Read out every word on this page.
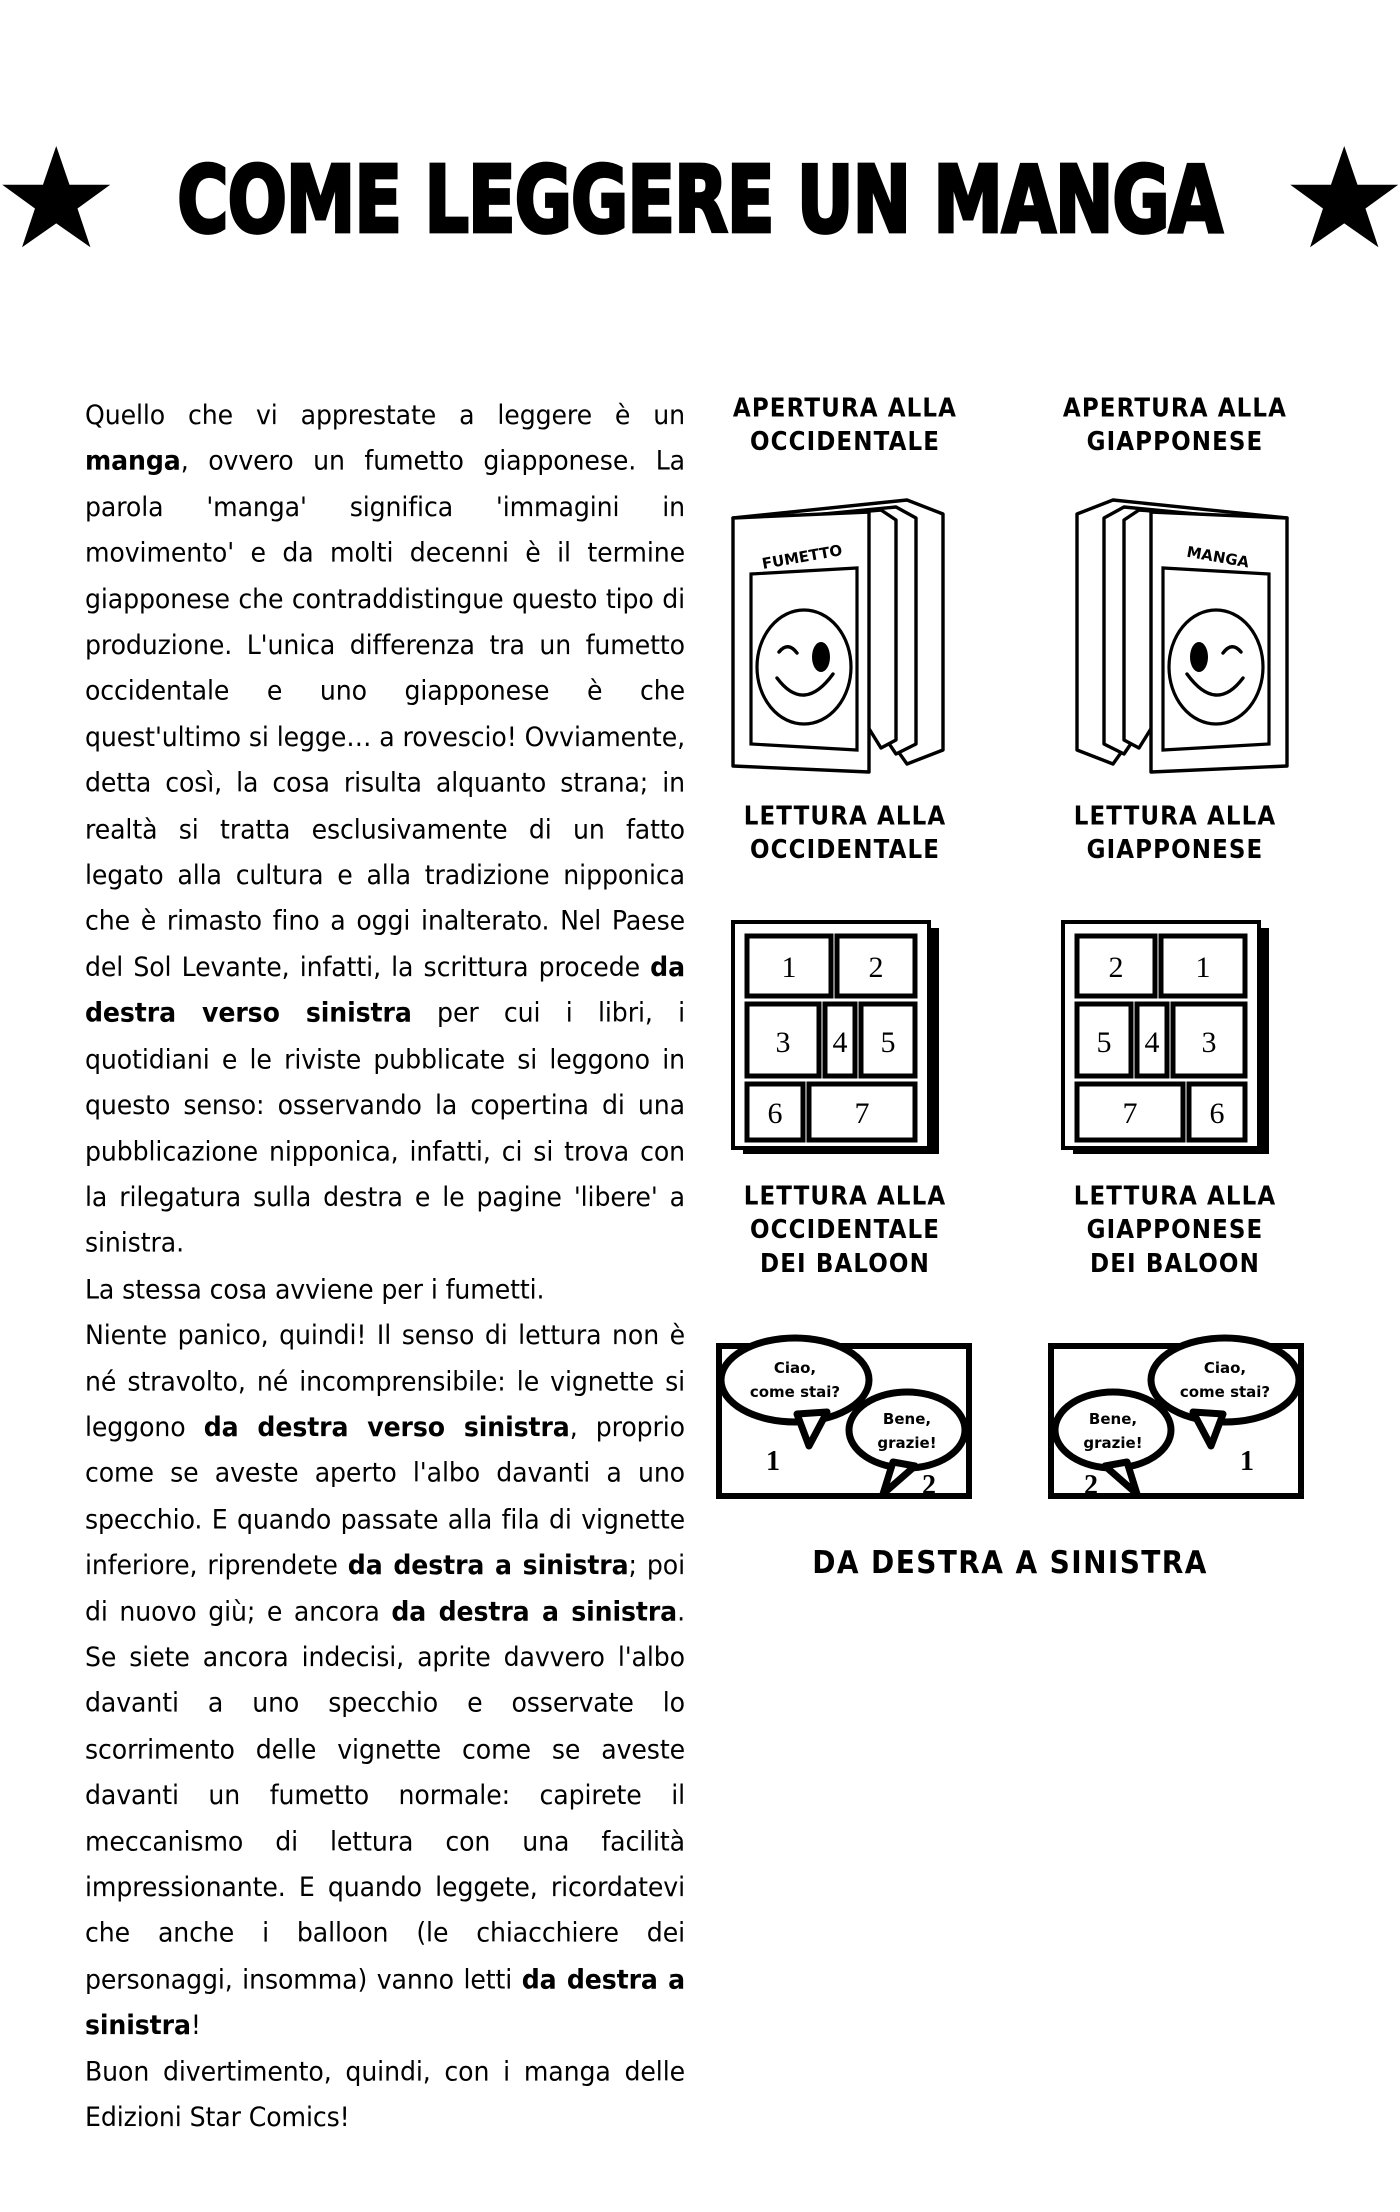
COME LEGGERE UN MANGA

Quello che vi apprestate a leggere è un manga, ovvero un fumetto giapponese. La parola 'manga' significa 'immagini in movimento' e da molti decenni è il termine giapponese che contraddistingue questo tipo di produzione. L'unica differenza tra un fumetto occidentale e uno giapponese è che quest'ultimo si legge… a rovescio! Ovviamente, detta così, la cosa risulta alquanto strana; in realtà si tratta esclusivamente di un fatto legato alla cultura e alla tradizione nipponica che è rimasto fino a oggi inalterato. Nel Paese del Sol Levante, infatti, la scrittura procede da destra verso sinistra per cui i libri, i quotidiani e le riviste pubblicate si leggono in questo senso: osservando la copertina di una pubblicazione nipponica, infatti, ci si trova con la rilegatura sulla destra e le pagine 'libere' a sinistra.

La stessa cosa avviene per i fumetti.

Niente panico, quindi! Il senso di lettura non è né stravolto, né incomprensibile: le vignette si leggono da destra verso sinistra, proprio come se aveste aperto l'albo davanti a uno specchio. E quando passate alla fila di vignette inferiore, riprendete da destra a sinistra; poi di nuovo giù; e ancora da destra a sinistra. Se siete ancora indecisi, aprite davvero l'albo davanti a uno specchio e osservate lo scorrimento delle vignette come se aveste davanti un fumetto normale: capirete il meccanismo di lettura con una facilità impressionante. E quando leggete, ricordatevi che anche i balloon (le chiacchiere dei personaggi, insomma) vanno letti da destra a sinistra!

Buon divertimento, quindi, con i manga delle Edizioni Star Comics!

APERTURA ALLA
OCCIDENTALE
APERTURA ALLA
GIAPPONESE
FUMETTO	MANGA
LETTURA ALLA
OCCIDENTALE
LETTURA ALLA
GIAPPONESE
1 2
3 4 5
6 7
2 1
5 4 3
7 6
LETTURA ALLA
OCCIDENTALE
DEI BALOON
LETTURA ALLA
GIAPPONESE
DEI BALOON
Ciao,
come stai?
1
Bene,
grazie!
2
Ciao,
come stai?
Bene,
grazie!
1
2
DA DESTRA A SINISTRA
